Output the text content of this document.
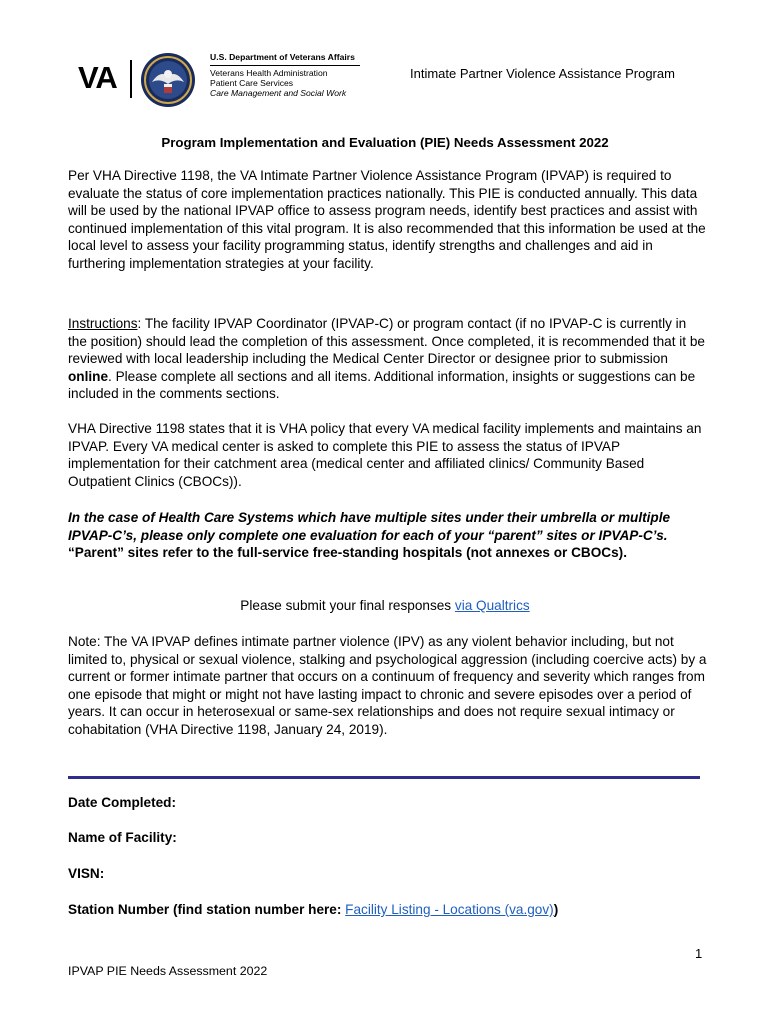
VA
U.S. Department of Veterans Affairs
Veterans Health Administration
Patient Care Services
Care Management and Social Work
Intimate Partner Violence Assistance Program
Program Implementation and Evaluation (PIE) Needs Assessment 2022
Per VHA Directive 1198, the VA Intimate Partner Violence Assistance Program (IPVAP) is required to evaluate the status of core implementation practices nationally. This PIE is conducted annually. This data will be used by the national IPVAP office to assess program needs, identify best practices and assist with continued implementation of this vital program. It is also recommended that this information be used at the local level to assess your facility programming status, identify strengths and challenges and aid in furthering implementation strategies at your facility.
Instructions: The facility IPVAP Coordinator (IPVAP-C) or program contact (if no IPVAP-C is currently in the position) should lead the completion of this assessment. Once completed, it is recommended that it be reviewed with local leadership including the Medical Center Director or designee prior to submission online. Please complete all sections and all items. Additional information, insights or suggestions can be included in the comments sections.
VHA Directive 1198 states that it is VHA policy that every VA medical facility implements and maintains an IPVAP. Every VA medical center is asked to complete this PIE to assess the status of IPVAP implementation for their catchment area (medical center and affiliated clinics/ Community Based Outpatient Clinics (CBOCs)).
In the case of Health Care Systems which have multiple sites under their umbrella or multiple IPVAP-C’s, please only complete one evaluation for each of your “parent” sites or IPVAP-C’s. “Parent” sites refer to the full-service free-standing hospitals (not annexes or CBOCs).
Please submit your final responses via Qualtrics
Note: The VA IPVAP defines intimate partner violence (IPV) as any violent behavior including, but not limited to, physical or sexual violence, stalking and psychological aggression (including coercive acts) by a current or former intimate partner that occurs on a continuum of frequency and severity which ranges from one episode that might or might not have lasting impact to chronic and severe episodes over a period of years. It can occur in heterosexual or same-sex relationships and does not require sexual intimacy or cohabitation (VHA Directive 1198, January 24, 2019).
Date Completed:
Name of Facility:
VISN:
Station Number (find station number here: Facility Listing - Locations (va.gov))
1
IPVAP PIE Needs Assessment 2022
